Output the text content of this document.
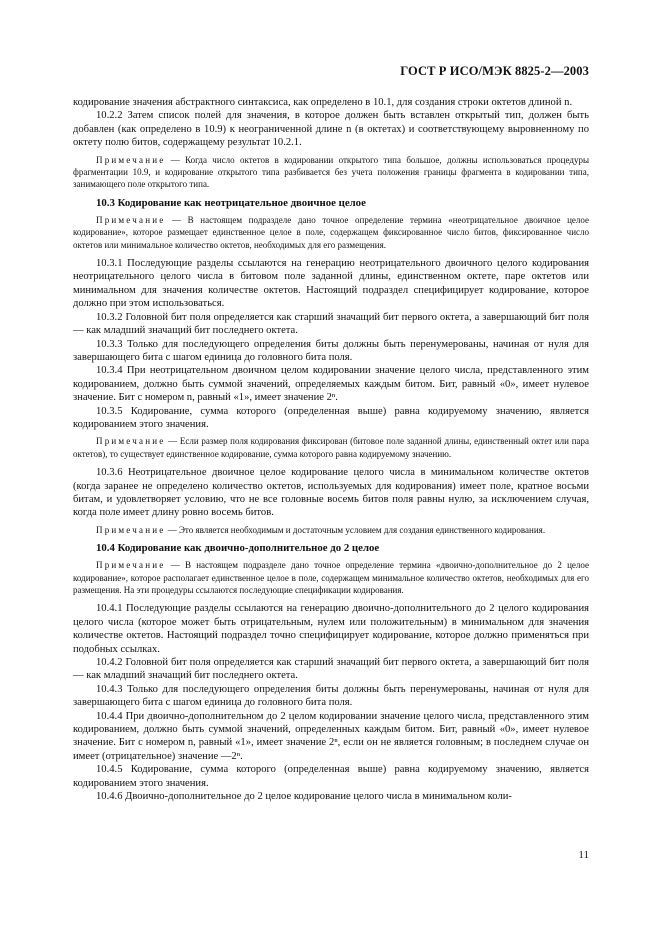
ГОСТ Р ИСО/МЭК 8825-2—2003
кодирование значения абстрактного синтаксиса, как определено в 10.1, для создания строки октетов длиной n.
10.2.2 Затем список полей для значения, в которое должен быть вставлен открытый тип, должен быть добавлен (как определено в 10.9) к неограниченной длине n (в октетах) и соответствующему выровненному по октету полю битов, содержащему результат 10.2.1.
Примечание — Когда число октетов в кодировании открытого типа большое, должны использоваться процедуры фрагментации 10.9, и кодирование открытого типа разбивается без учета положения границы фрагмента в кодировании типа, занимающего поле открытого типа.
10.3 Кодирование как неотрицательное двоичное целое
Примечание — В настоящем подразделе дано точное определение термина «неотрицательное двоичное целое кодирование», которое размещает единственное целое в поле, содержащем фиксированное число битов, фиксированное число октетов или минимальное количество октетов, необходимых для его размещения.
10.3.1 Последующие разделы ссылаются на генерацию неотрицательного двоичного целого кодирования неотрицательного целого числа в битовом поле заданной длины, единственном октете, паре октетов или минимальном для значения количестве октетов. Настоящий подраздел специфицирует кодирование, которое должно при этом использоваться.
10.3.2 Головной бит поля определяется как старший значащий бит первого октета, а завершающий бит поля — как младший значащий бит последнего октета.
10.3.3 Только для последующего определения биты должны быть перенумерованы, начиная от нуля для завершающего бита с шагом единица до головного бита поля.
10.3.4 При неотрицательном двоичном целом кодировании значение целого числа, представленного этим кодированием, должно быть суммой значений, определяемых каждым битом. Бит, равный «0», имеет нулевое значение. Бит с номером n, равный «1», имеет значение 2ⁿ.
10.3.5 Кодирование, сумма которого (определенная выше) равна кодируемому значению, является кодированием этого значения.
Примечание — Если размер поля кодирования фиксирован (битовое поле заданной длины, единственный октет или пара октетов), то существует единственное кодирование, сумма которого равна кодируемому значению.
10.3.6 Неотрицательное двоичное целое кодирование целого числа в минимальном количестве октетов (когда заранее не определено количество октетов, используемых для кодирования) имеет поле, кратное восьми битам, и удовлетворяет условию, что не все головные восемь битов поля равны нулю, за исключением случая, когда поле имеет длину ровно восемь битов.
Примечание — Это является необходимым и достаточным условием для создания единственного кодирования.
10.4 Кодирование как двоично-дополнительное до 2 целое
Примечание — В настоящем подразделе дано точное определение термина «двоично-дополнительное до 2 целое кодирование», которое располагает единственное целое в поле, содержащем минимальное количество октетов, необходимых для его размещения. На эти процедуры ссылаются последующие спецификации кодирования.
10.4.1 Последующие разделы ссылаются на генерацию двоично-дополнительного до 2 целого кодирования целого числа (которое может быть отрицательным, нулем или положительным) в минимальном для значения количестве октетов. Настоящий подраздел точно специфицирует кодирование, которое должно применяться при подобных ссылках.
10.4.2 Головной бит поля определяется как старший значащий бит первого октета, а завершающий бит поля — как младший значащий бит последнего октета.
10.4.3 Только для последующего определения биты должны быть перенумерованы, начиная от нуля для завершающего бита с шагом единица до головного бита поля.
10.4.4 При двоично-дополнительном до 2 целом кодировании значение целого числа, представленного этим кодированием, должно быть суммой значений, определенных каждым битом. Бит, равный «0», имеет нулевое значение. Бит с номером n, равный «1», имеет значение 2ⁿ, если он не является головным; в последнем случае он имеет (отрицательное) значение —2ⁿ.
10.4.5 Кодирование, сумма которого (определенная выше) равна кодируемому значению, является кодированием этого значения.
10.4.6 Двоично-дополнительное до 2 целое кодирование целого числа в минимальном коли-
11
